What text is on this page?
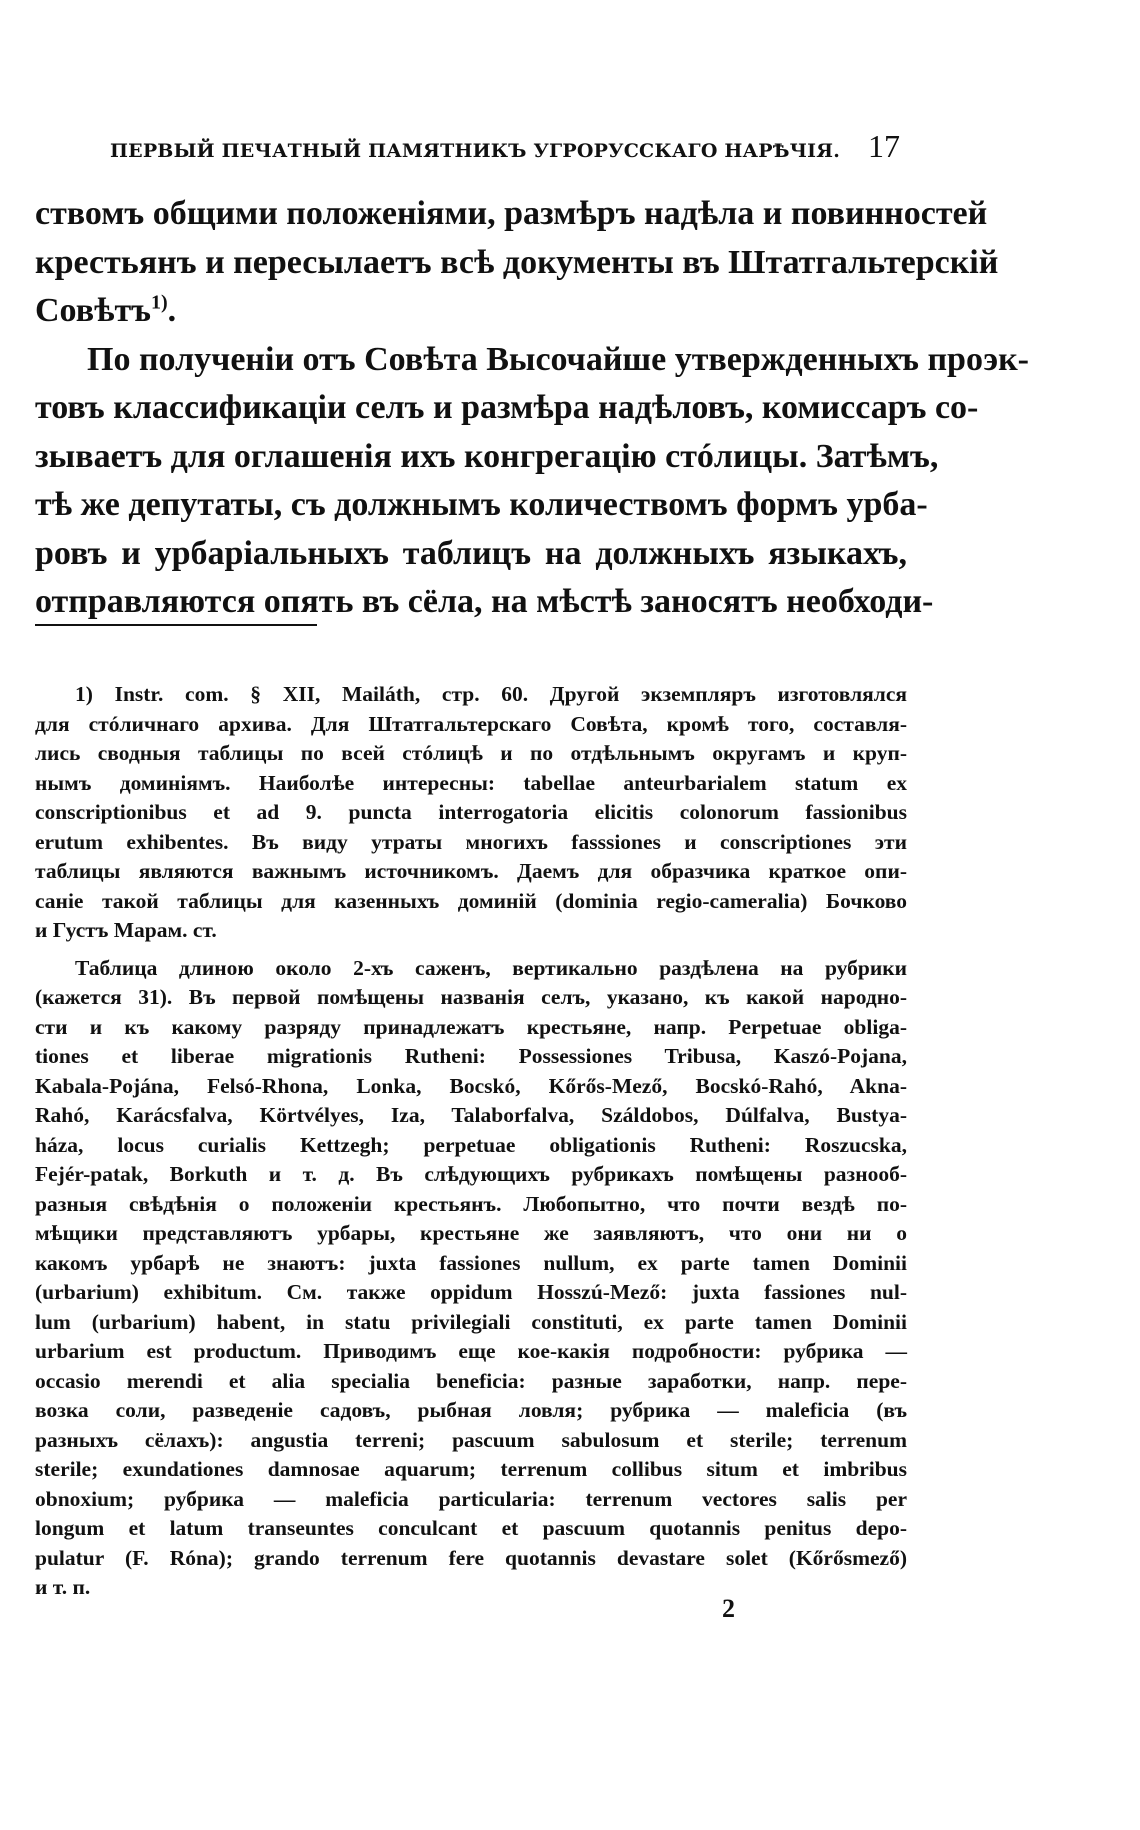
ПЕРВЫЙ ПЕЧАТНЫЙ ПАМЯТНИКЪ УГРОРУССКАГО НАРѢЧІЯ. 17
ствомъ общими положеніями, размѣръ надѣла и повинностей
крестьянъ и пересылаетъ всѣ документы въ Штатгальтерскій
Совѣтъ$^{1)}$.
По полученіи отъ Совѣта Высочайше утвержденныхъ проэк-
товъ классификаціи селъ и размѣра надѣловъ, комиссаръ со-
зываетъ для оглашенія ихъ конгрегацію стóлицы. Затѣмъ,
тѣ же депутаты, съ должнымъ количествомъ формъ урба-
ровъ и урбаріальныхъ таблицъ на должныхъ языкахъ,
отправляются опять въ сёла, на мѣстѣ заносятъ необходи-
1) Instr. com. § XII, Mailáth, стр. 60. Другой экземпляръ изготовлялся
для стóличнаго архива. Для Штатгальтерскаго Совѣта, кромѣ того, составля-
лись сводныя таблицы по всей стóлицѣ и по отдѣльнымъ округамъ и круп-
нымъ доминіямъ. Наиболѣе интересны: tabellae anteurbarialem statum ex
conscriptionibus et ad 9. puncta interrogatoria elicitis colonorum fassionibus
erutum exhibentes. Въ виду утраты многихъ fasssiones и conscriptiones эти
таблицы являются важнымъ источникомъ. Даемъ для образчика краткое опи-
саніе такой таблицы для казенныхъ доминій (dominia regio-cameralia) Бочково
и Густъ Марам. ст.
Таблица длиною около 2-хъ саженъ, вертикально раздѣлена на рубрики
(кажется 31). Въ первой помѣщены названія селъ, указано, къ какой народно-
сти и къ какому разряду принадлежатъ крестьяне, напр. Perpetuae obliga-
tiones et liberae migrationis Rutheni: Possessiones Tribusa, Kaszó-Pojana,
Kabala-Pojána, Felsó-Rhona, Lonka, Bocskó, Kőrős-Mező, Bocskó-Rahó, Akna-
Rahó, Karácsfalva, Körtvélyes, Iza, Talaborfalva, Száldobos, Dúlfalva, Bustya-
háza, locus curialis Kettzegh; perpetuae obligationis Rutheni: Roszucska,
Fejér-patak, Borkuth и т. д. Въ слѣдующихъ рубрикахъ помѣщены разнооб-
разныя свѣдѣнія о положеніи крестьянъ. Любопытно, что почти вездѣ по-
мѣщики представляютъ урбары, крестьяне же заявляютъ, что они ни о
какомъ урбарѣ не знаютъ: juxta fassiones nullum, ex parte tamen Dominii
(urbarium) exhibitum. См. также oppidum Hosszú-Mező: juxta fassiones nul-
lum (urbarium) habent, in statu privilegiali constituti, ex parte tamen Dominii
urbarium est productum. Приводимъ еще кое-какія подробности: рубрика —
occasio merendi et alia specialia beneficia: разные заработки, напр. пере-
возка соли, разведеніе садовъ, рыбная ловля; рубрика — maleficia (въ
разныхъ сёлахъ): angustia terreni; pascuum sabulosum et sterile; terrenum
sterile; exundationes damnosae aquarum; terrenum collibus situm et imbribus
obnoxium; рубрика — maleficia particularia: terrenum vectores salis per
longum et latum transeuntes conculcant et pascuum quotannis penitus depo-
pulatur (F. Róna); grando terrenum fere quotannis devastare solet (Kőrősmező)
и т. п.
2
